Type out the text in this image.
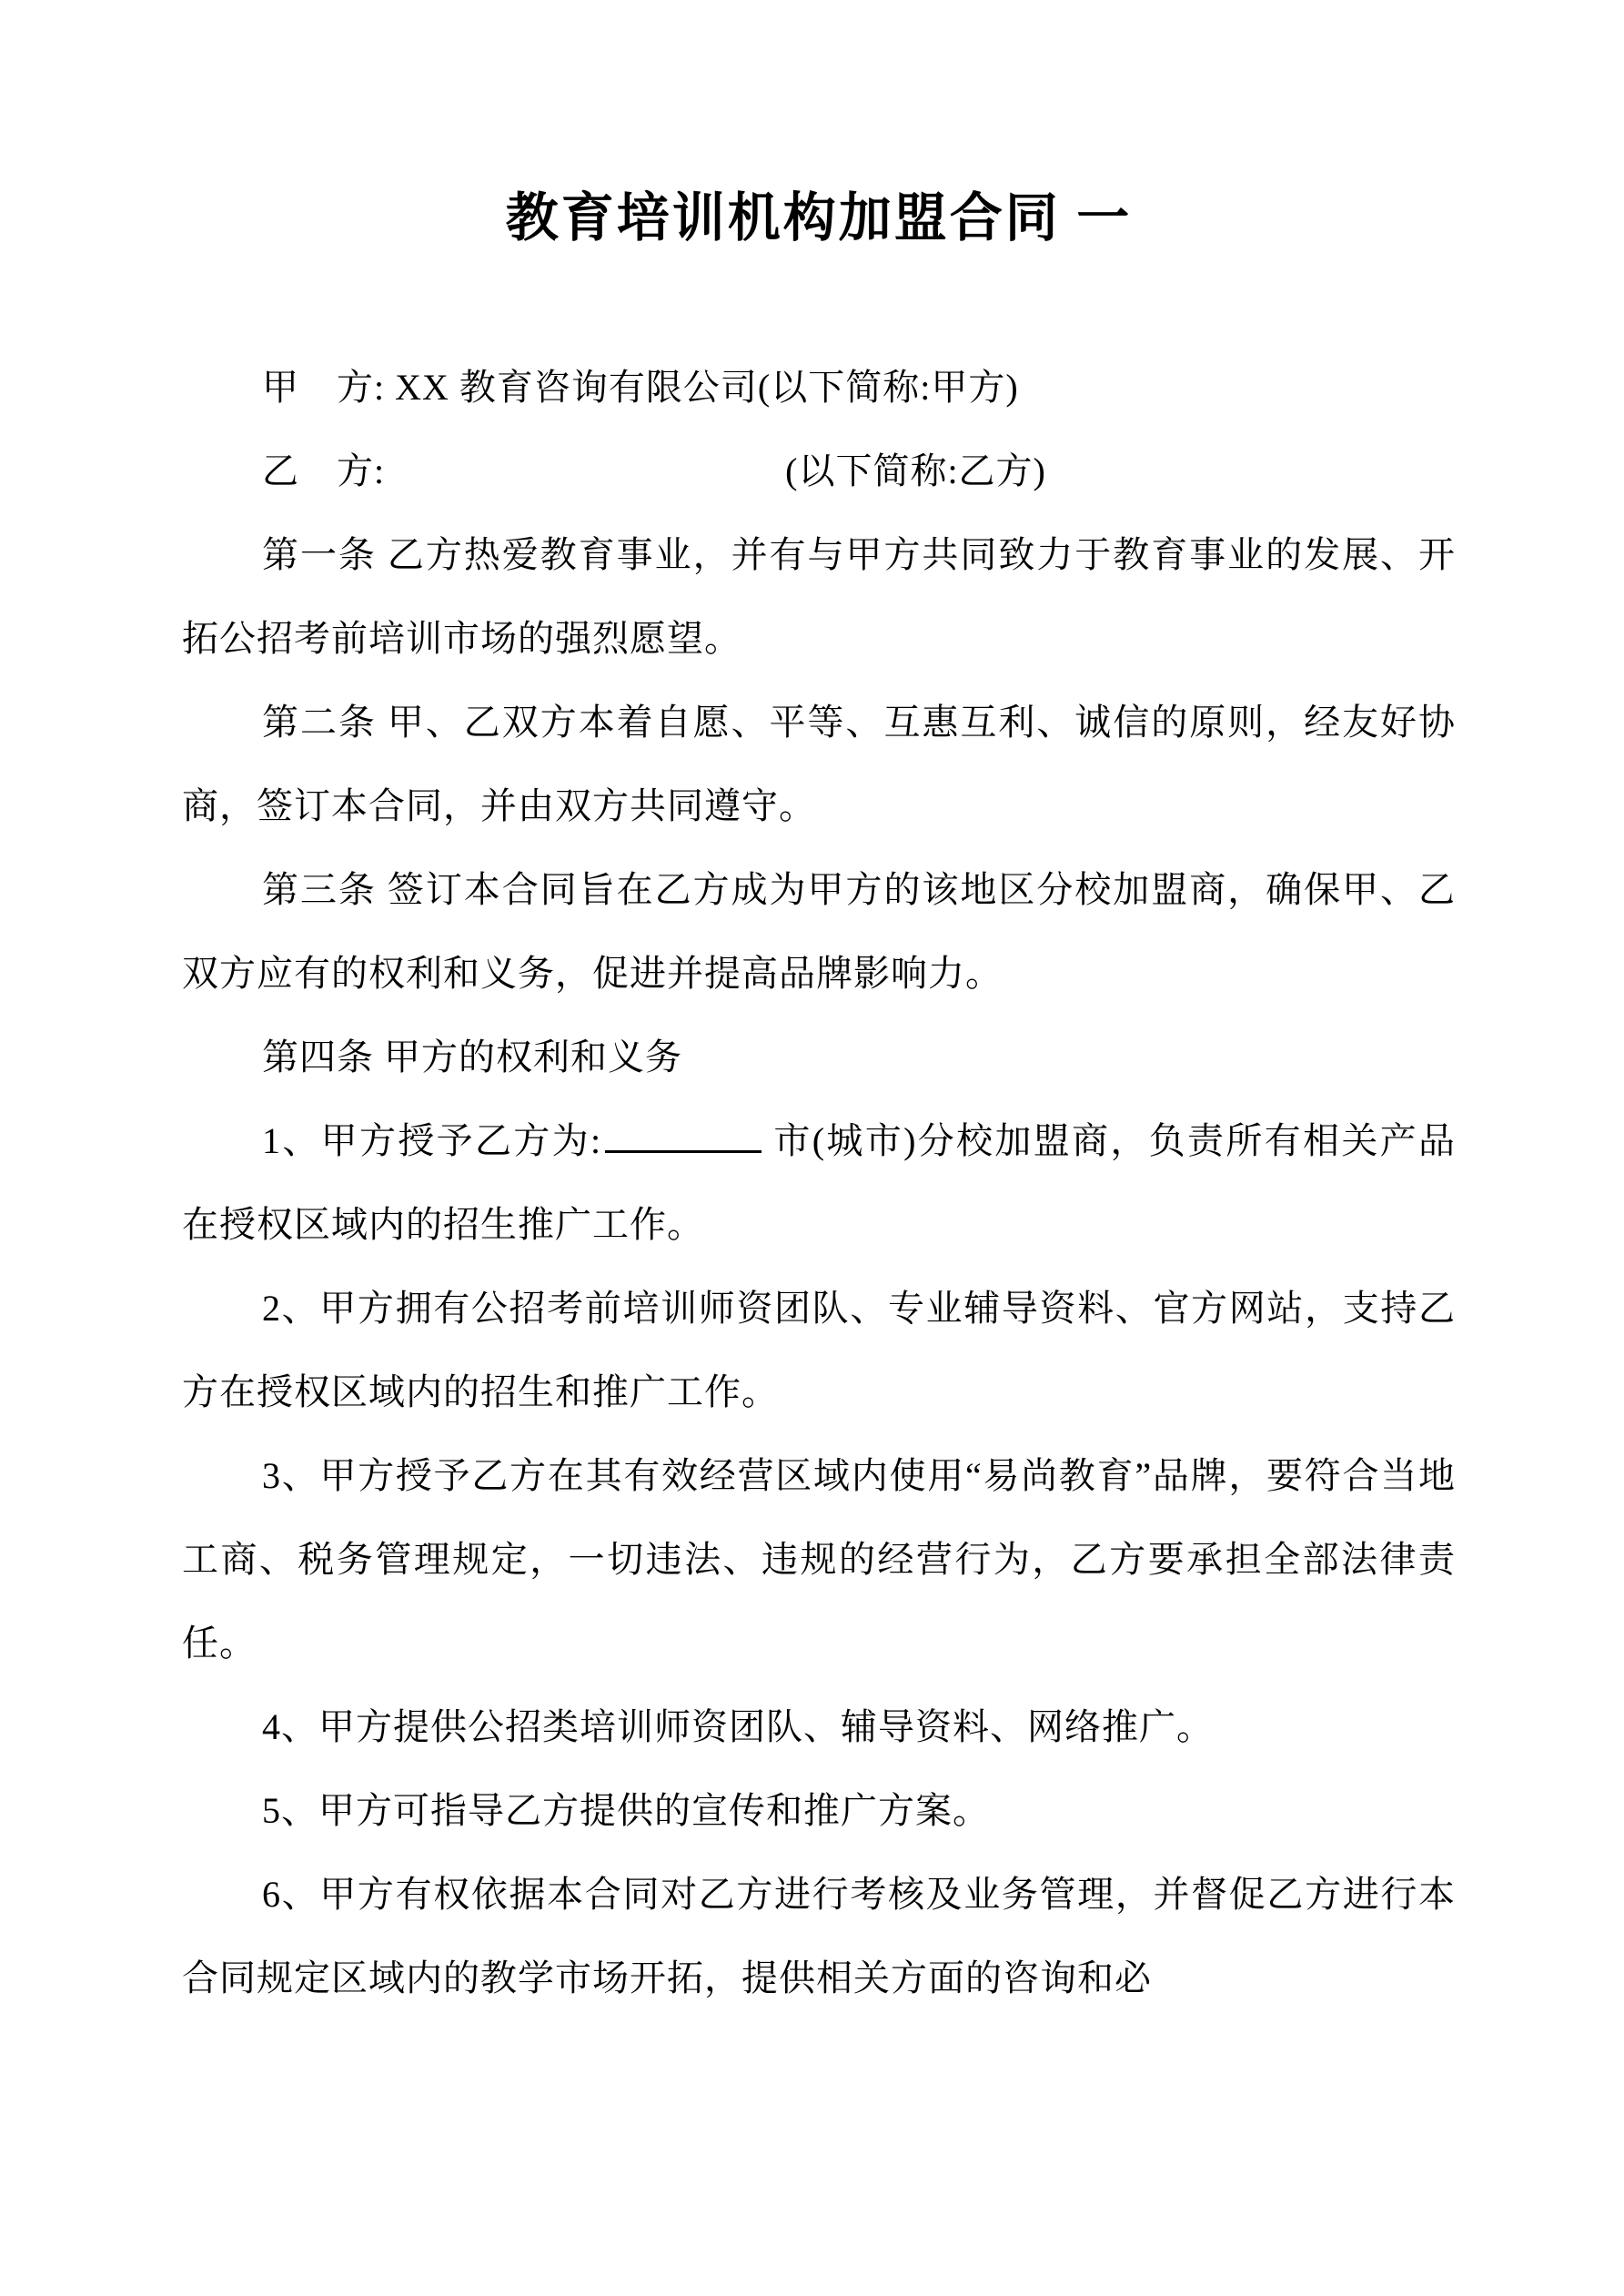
教育培训机构加盟合同 一

甲　方: XX 教育咨询有限公司(以下简称:甲方)

乙　方:	(以下简称:乙方)

第一条 乙方热爱教育事业，并有与甲方共同致力于教育事业的发展、开拓公招考前培训市场的强烈愿望。

第二条 甲、乙双方本着自愿、平等、互惠互利、诚信的原则，经友好协商，签订本合同，并由双方共同遵守。

第三条 签订本合同旨在乙方成为甲方的该地区分校加盟商，确保甲、乙双方应有的权利和义务，促进并提高品牌影响力。

第四条 甲方的权利和义务

1、甲方授予乙方为:	市(城市)分校加盟商，负责所有相关产品在授权区域内的招生推广工作。

2、甲方拥有公招考前培训师资团队、专业辅导资料、官方网站，支持乙方在授权区域内的招生和推广工作。

3、甲方授予乙方在其有效经营区域内使用“易尚教育”品牌，要符合当地工商、税务管理规定，一切违法、违规的经营行为，乙方要承担全部法律责任。

4、甲方提供公招类培训师资团队、辅导资料、网络推广。

5、甲方可指导乙方提供的宣传和推广方案。

6、甲方有权依据本合同对乙方进行考核及业务管理，并督促乙方进行本合同规定区域内的教学市场开拓，提供相关方面的咨询和必
